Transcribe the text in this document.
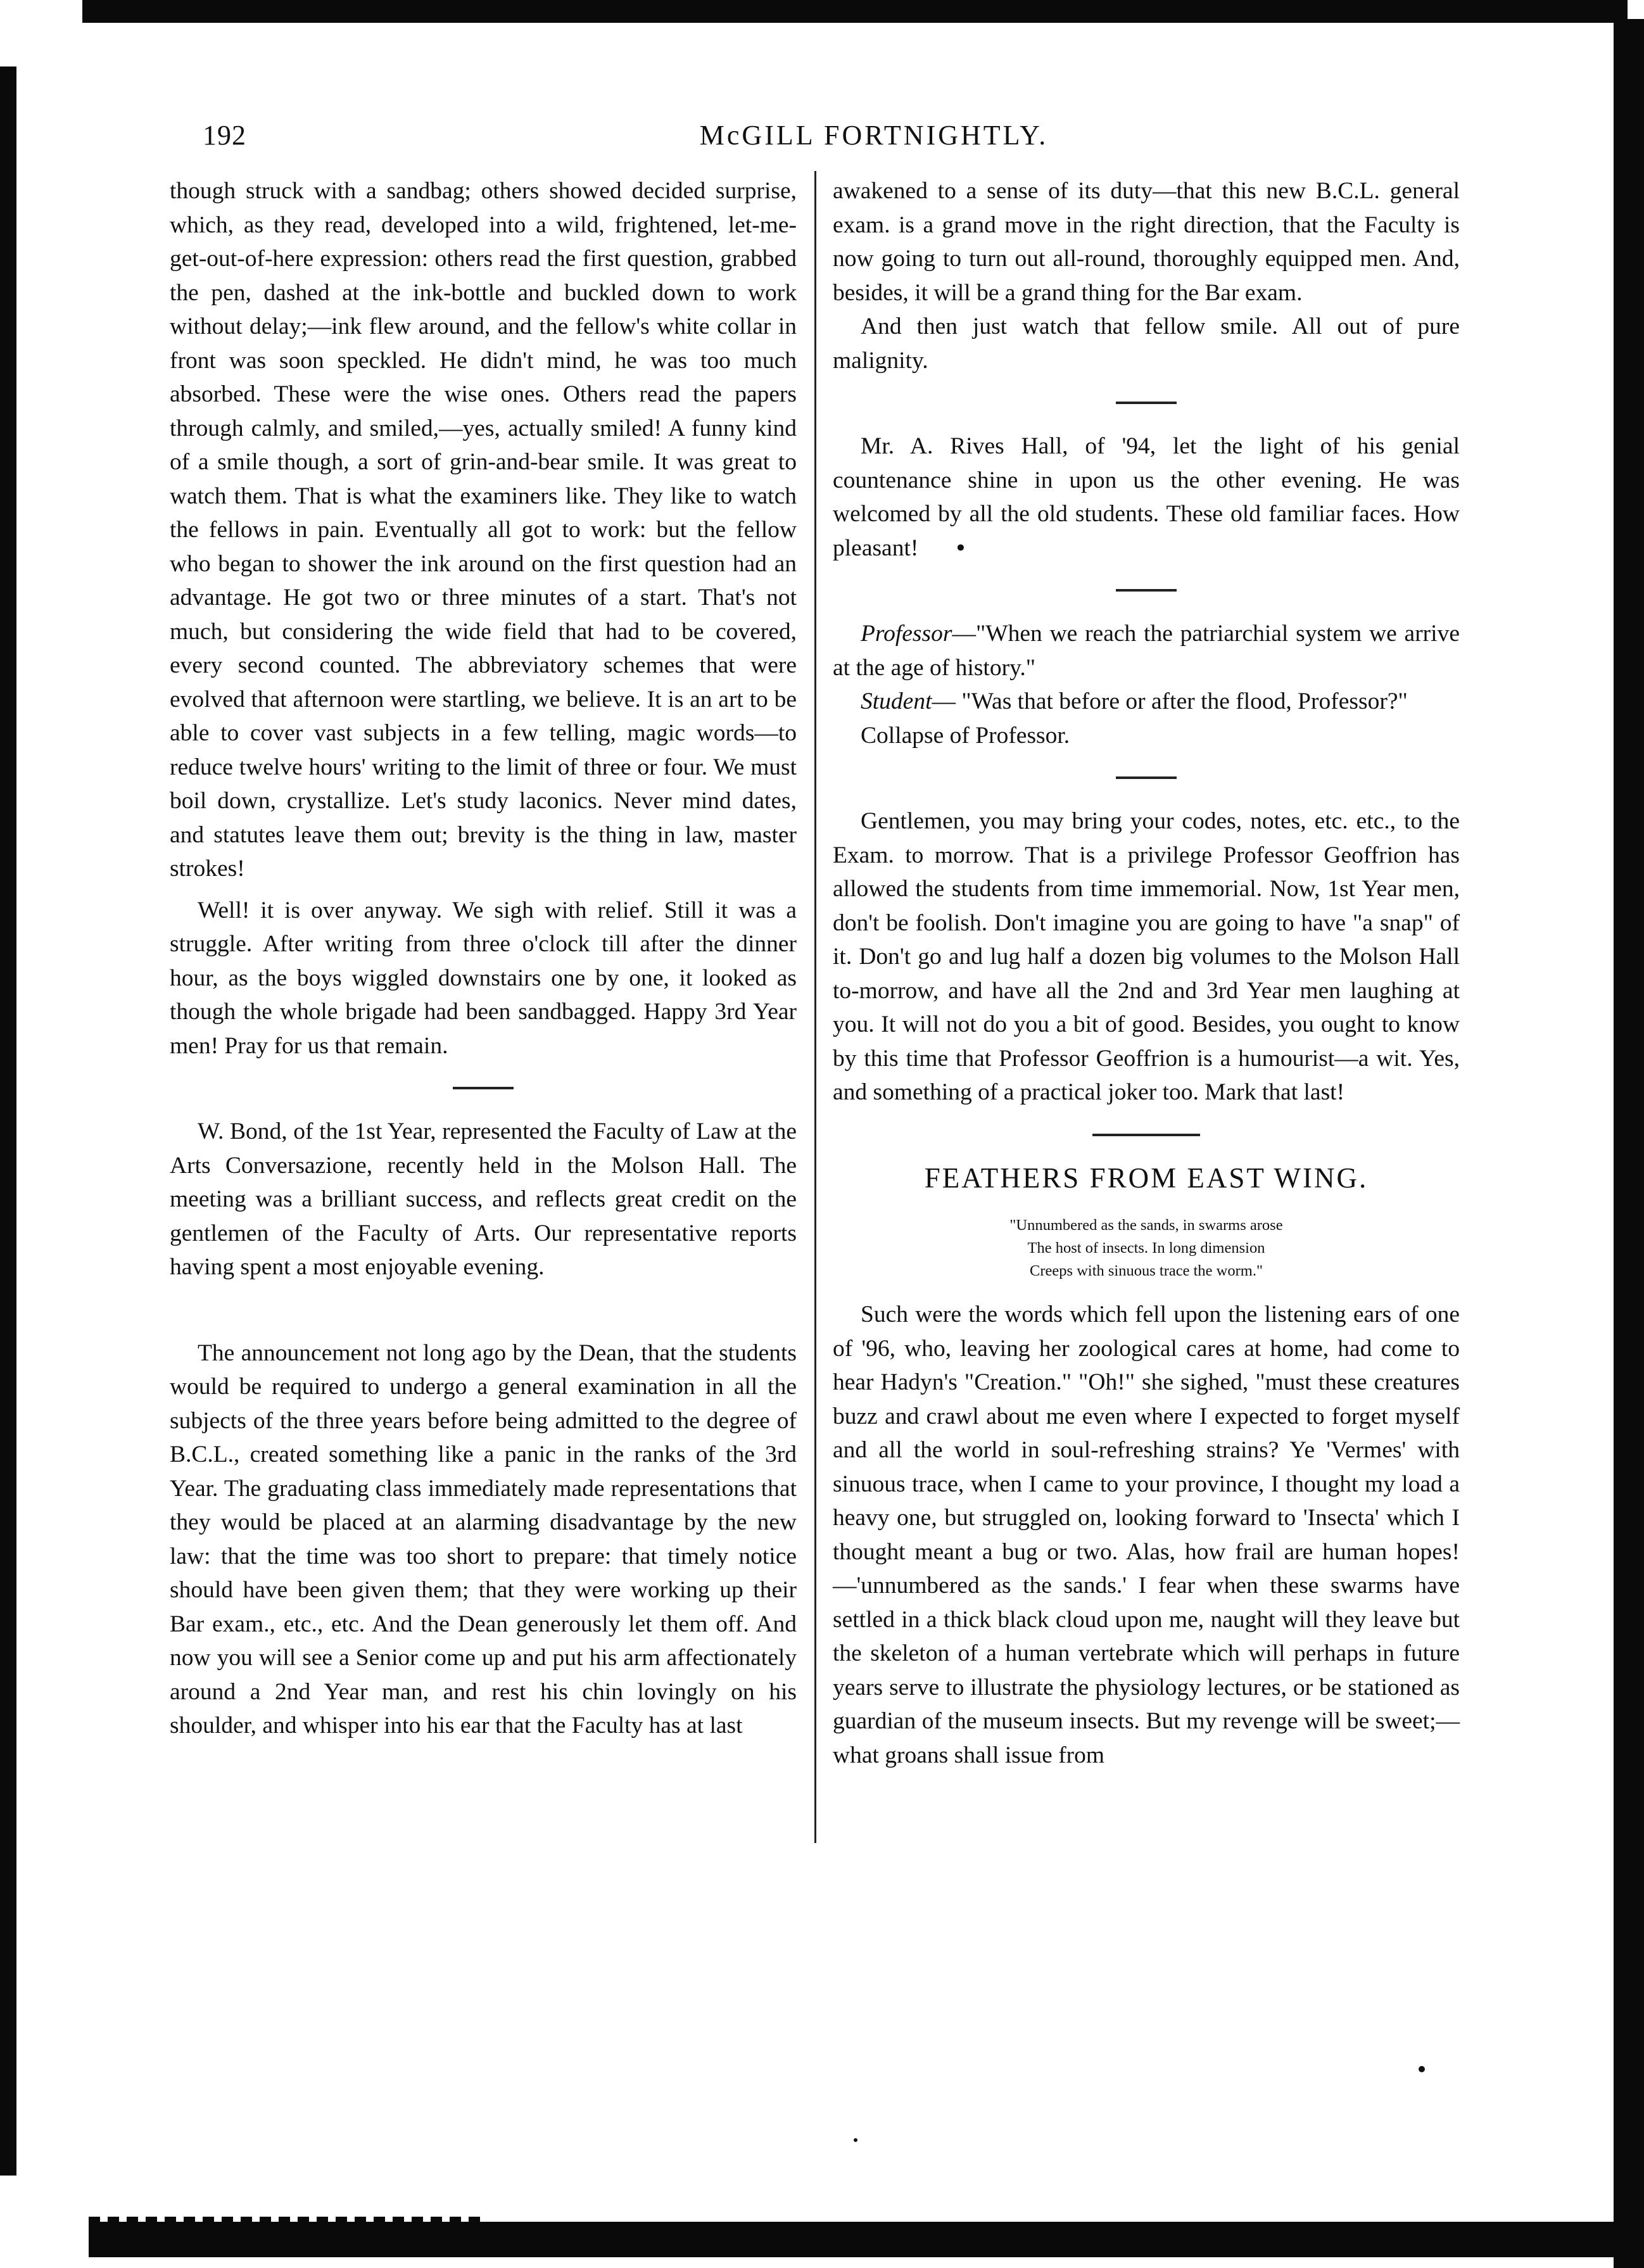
192	McGILL FORTNIGHTLY.

though struck with a sandbag; others showed decided surprise, which, as they read, developed into a wild, frightened, let-me-get-out-of-here expression: others read the first question, grabbed the pen, dashed at the ink-bottle and buckled down to work without delay;—ink flew around, and the fellow's white collar in front was soon speckled. He didn't mind, he was too much absorbed. These were the wise ones. Others read the papers through calmly, and smiled,—yes, actually smiled! A funny kind of a smile though, a sort of grin-and-bear smile. It was great to watch them. That is what the examiners like. They like to watch the fellows in pain. Eventually all got to work: but the fellow who began to shower the ink around on the first question had an advantage. He got two or three minutes of a start. That's not much, but considering the wide field that had to be covered, every second counted. The abbreviatory schemes that were evolved that afternoon were startling, we believe. It is an art to be able to cover vast subjects in a few telling, magic words—to reduce twelve hours' writing to the limit of three or four. We must boil down, crystallize. Let's study laconics. Never mind dates, and statutes leave them out; brevity is the thing in law, master strokes!

Well! it is over anyway. We sigh with relief. Still it was a struggle. After writing from three o'clock till after the dinner hour, as the boys wiggled downstairs one by one, it looked as though the whole brigade had been sandbagged. Happy 3rd Year men! Pray for us that remain.

W. Bond, of the 1st Year, represented the Faculty of Law at the Arts Conversazione, recently held in the Molson Hall. The meeting was a brilliant success, and reflects great credit on the gentlemen of the Faculty of Arts. Our representative reports having spent a most enjoyable evening.

The announcement not long ago by the Dean, that the students would be required to undergo a general examination in all the subjects of the three years before being admitted to the degree of B.C.L., created something like a panic in the ranks of the 3rd Year. The graduating class immediately made representations that they would be placed at an alarming disadvantage by the new law: that the time was too short to prepare: that timely notice should have been given them; that they were working up their Bar exam., etc., etc. And the Dean generously let them off. And now you will see a Senior come up and put his arm affectionately around a 2nd Year man, and rest his chin lovingly on his shoulder, and whisper into his ear that the Faculty has at last

awakened to a sense of its duty—that this new B.C.L. general exam. is a grand move in the right direction, that the Faculty is now going to turn out all-round, thoroughly equipped men. And, besides, it will be a grand thing for the Bar exam.

And then just watch that fellow smile. All out of pure malignity.

Mr. A. Rives Hall, of '94, let the light of his genial countenance shine in upon us the other evening. He was welcomed by all the old students. These old familiar faces. How pleasant! •

Professor—"When we reach the patriarchial system we arrive at the age of history."

Student— "Was that before or after the flood, Professor?"

Collapse of Professor.

Gentlemen, you may bring your codes, notes, etc. etc., to the Exam. to morrow. That is a privilege Professor Geoffrion has allowed the students from time immemorial. Now, 1st Year men, don't be foolish. Don't imagine you are going to have "a snap" of it. Don't go and lug half a dozen big volumes to the Molson Hall to-morrow, and have all the 2nd and 3rd Year men laughing at you. It will not do you a bit of good. Besides, you ought to know by this time that Professor Geoffrion is a humourist—a wit. Yes, and something of a practical joker too. Mark that last!

FEATHERS FROM EAST WING.
"Unnumbered as the sands, in swarms arose
The host of insects. In long dimension
Creeps with sinuous trace the worm."

Such were the words which fell upon the listening ears of one of '96, who, leaving her zoological cares at home, had come to hear Hadyn's "Creation." "Oh!" she sighed, "must these creatures buzz and crawl about me even where I expected to forget myself and all the world in soul-refreshing strains? Ye 'Vermes' with sinuous trace, when I came to your province, I thought my load a heavy one, but struggled on, looking forward to 'Insecta' which I thought meant a bug or two. Alas, how frail are human hopes!—'unnumbered as the sands.' I fear when these swarms have settled in a thick black cloud upon me, naught will they leave but the skeleton of a human vertebrate which will perhaps in future years serve to illustrate the physiology lectures, or be stationed as guardian of the museum insects. But my revenge will be sweet;—what groans shall issue from
